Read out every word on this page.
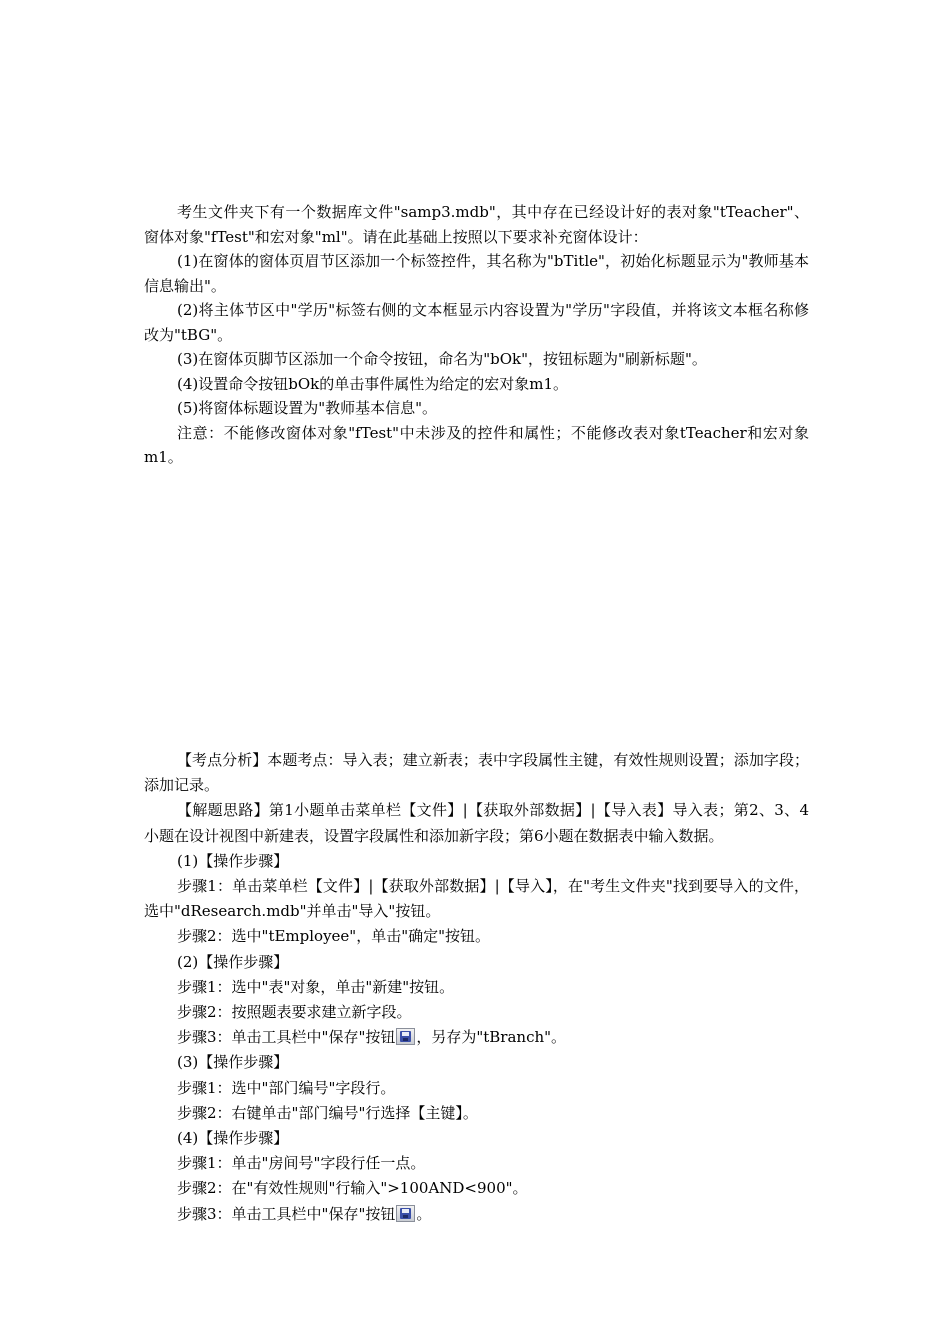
考生文件夹下有一个数据库文件"samp3.mdb"，其中存在已经设计好的表对象"tTeacher"、窗体对象"fTest"和宏对象"ml"。请在此基础上按照以下要求补充窗体设计：

(1)在窗体的窗体页眉节区添加一个标签控件，其名称为"bTitle"，初始化标题显示为"教师基本信息输出"。

(2)将主体节区中"学历"标签右侧的文本框显示内容设置为"学历"字段值，并将该文本框名称修改为"tBG"。

(3)在窗体页脚节区添加一个命令按钮，命名为"bOk"，按钮标题为"刷新标题"。

(4)设置命令按钮bOk的单击事件属性为给定的宏对象m1。

(5)将窗体标题设置为"教师基本信息"。

注意：不能修改窗体对象"fTest"中未涉及的控件和属性；不能修改表对象tTeacher和宏对象m1。

【考点分析】本题考点：导入表；建立新表；表中字段属性主键，有效性规则设置；添加字段；添加记录。

【解题思路】第1小题单击菜单栏【文件】|【获取外部数据】|【导入表】导入表；第2、3、4小题在设计视图中新建表，设置字段属性和添加新字段；第6小题在数据表中输入数据。

(1)【操作步骤】

步骤1：单击菜单栏【文件】|【获取外部数据】|【导入】，在"考生文件夹"找到要导入的文件，选中"dResearch.mdb"并单击"导入"按钮。

步骤2：选中"tEmployee"，单击"确定"按钮。

(2)【操作步骤】

步骤1：选中"表"对象，单击"新建"按钮。

步骤2：按照题表要求建立新字段。

步骤3：单击工具栏中"保存"按钮 ，另存为"tBranch"。

(3)【操作步骤】

步骤1：选中"部门编号"字段行。

步骤2：右键单击"部门编号"行选择【主键】。

(4)【操作步骤】

步骤1：单击"房间号"字段行任一点。

步骤2：在"有效性规则"行输入">100AND<900"。

步骤3：单击工具栏中"保存"按钮 。
